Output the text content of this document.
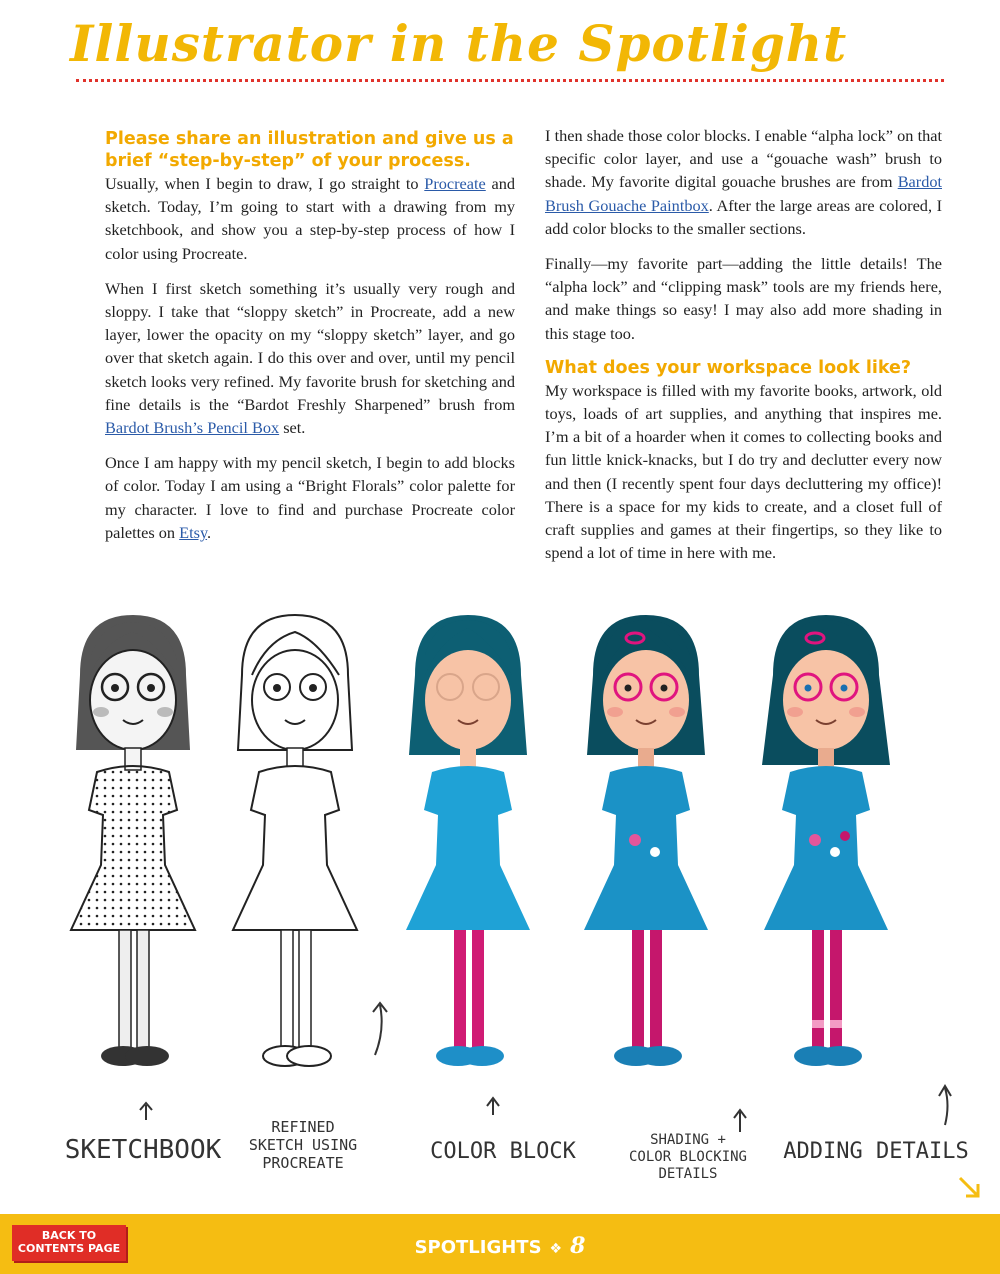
Illustrator in the Spotlight
Please share an illustration and give us a brief “step-by-step” of your process.

Usually, when I begin to draw, I go straight to Procreate and sketch. Today, I’m going to start with a drawing from my sketchbook, and show you a step-by-step process of how I color using Procreate.

When I first sketch something it’s usually very rough and sloppy. I take that “sloppy sketch” in Procreate, add a new layer, lower the opacity on my “sloppy sketch” layer, and go over that sketch again. I do this over and over, until my pencil sketch looks very refined. My favorite brush for sketching and fine details is the “Bardot Freshly Sharpened” brush from Bardot Brush’s Pencil Box set.

Once I am happy with my pencil sketch, I begin to add blocks of color. Today I am using a “Bright Florals” color palette for my character. I love to find and purchase Procreate color palettes on Etsy.

I then shade those color blocks. I enable “alpha lock” on that specific color layer, and use a “gouache wash” brush to shade. My favorite digital gouache brushes are from Bardot Brush Gouache Paintbox. After the large areas are colored, I add color blocks to the smaller sections.

Finally—my favorite part—adding the little details! The “alpha lock” and “clipping mask” tools are my friends here, and make things so easy! I may also add more shading in this stage too.

What does your workspace look like?

My workspace is filled with my favorite books, artwork, old toys, loads of art supplies, and anything that inspires me. I’m a bit of a hoarder when it comes to collecting books and fun little knick-knacks, but I do try and declutter every now and then (I recently spent four days decluttering my office)! There is a space for my kids to create, and a closet full of craft supplies and games at their fingertips, so they like to spend a lot of time in here with me.

SKETCHBOOK
REFINED
SKETCH USING
PROCREATE	COLOR BLOCK	SHADING +
COLOR BLOCKING
DETAILS
ADDING DETAILS
BACK TO
CONTENTS PAGE	SPOTLIGHTS ❖ 8
